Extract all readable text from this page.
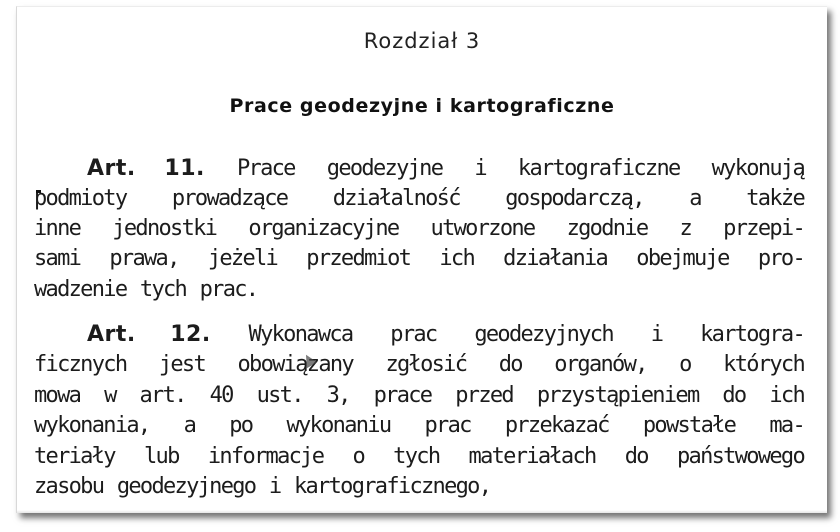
Rozdział 3
Prace geodezyjne i kartograficzne
Art. 11. Prace geodezyjne i kartograficzne wykonują
podmioty prowadzące działalność gospodarczą, a także
inne jednostki organizacyjne utworzone zgodnie z przepi-
sami prawa, jeżeli przedmiot ich działania obejmuje pro-
wadzenie tych prac.
Art. 12. Wykonawca prac geodezyjnych i kartogra-
ficznych jest obowiązany zgłosić do organów, o których
mowa w art. 40 ust. 3, prace przed przystąpieniem do ich
wykonania, a po wykonaniu prac przekazać powstałe ma-
teriały lub informacje o tych materiałach do państwowego
zasobu geodezyjnego i kartograficznego,
